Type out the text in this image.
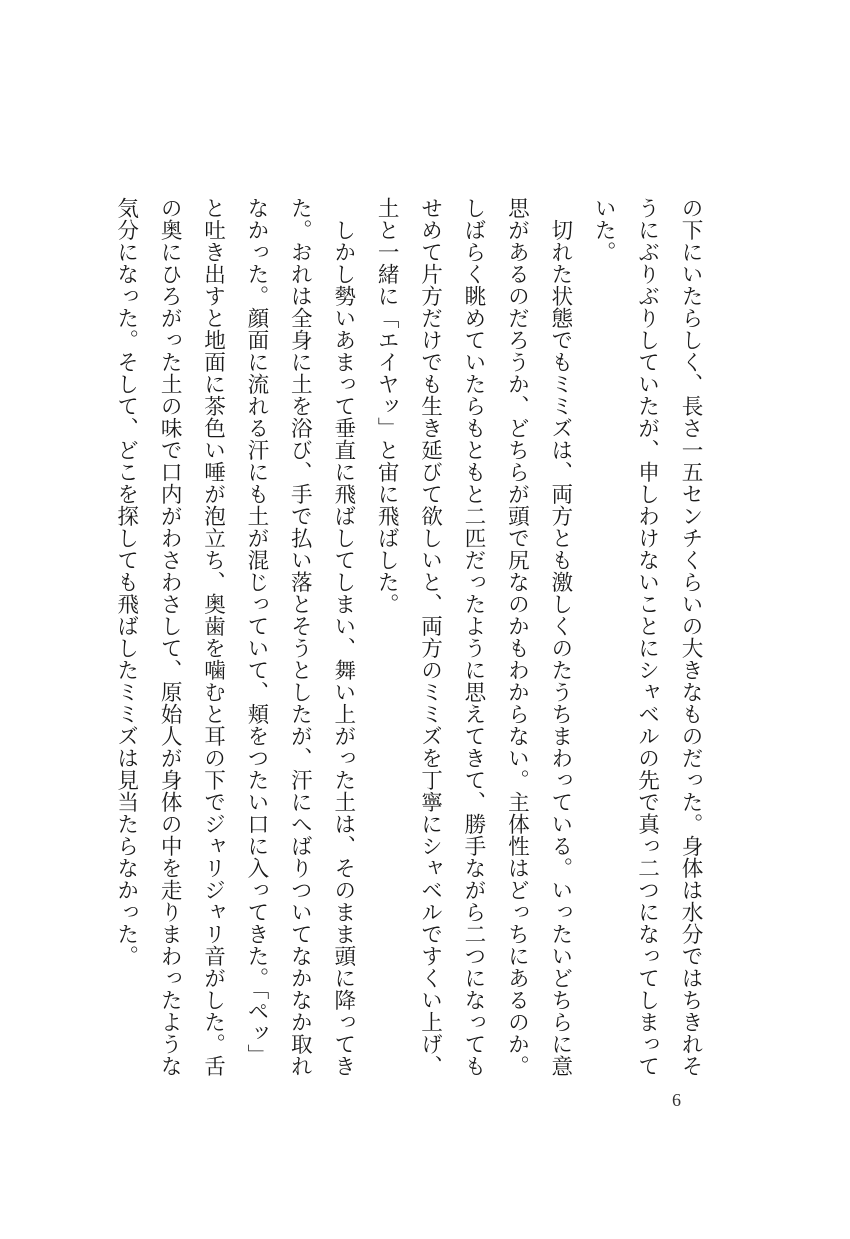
の下にいたらしく、長さ一五センチくらいの大きなものだった。身体は水分ではちきれそうにぶりぶりしていたが、申しわけないことにシャベルの先で真っ二つになってしまっていた。

切れた状態でもミミズは、両方とも激しくのたうちまわっている。いったいどちらに意思があるのだろうか、どちらが頭で尻なのかもわからない。主体性はどっちにあるのか。しばらく眺めていたらもともと二匹だったように思えてきて、勝手ながら二つになってもせめて片方だけでも生き延びて欲しいと、両方のミミズを丁寧にシャベルですくい上げ、土と一緒に「エイヤッ」と宙に飛ばした。

しかし勢いあまって垂直に飛ばしてしまい、舞い上がった土は、そのまま頭に降ってきた。おれは全身に土を浴び、手で払い落とそうとしたが、汗にへばりついてなかなか取れなかった。顔面に流れる汗にも土が混じっていて、頬をつたい口に入ってきた。「ペッ」と吐き出すと地面に茶色い唾が泡立ち、奥歯を噛むと耳の下でジャリジャリ音がした。舌の奥にひろがった土の味で口内がわさわさして、原始人が身体の中を走りまわったような気分になった。そして、どこを探しても飛ばしたミミズは見当たらなかった。

6
